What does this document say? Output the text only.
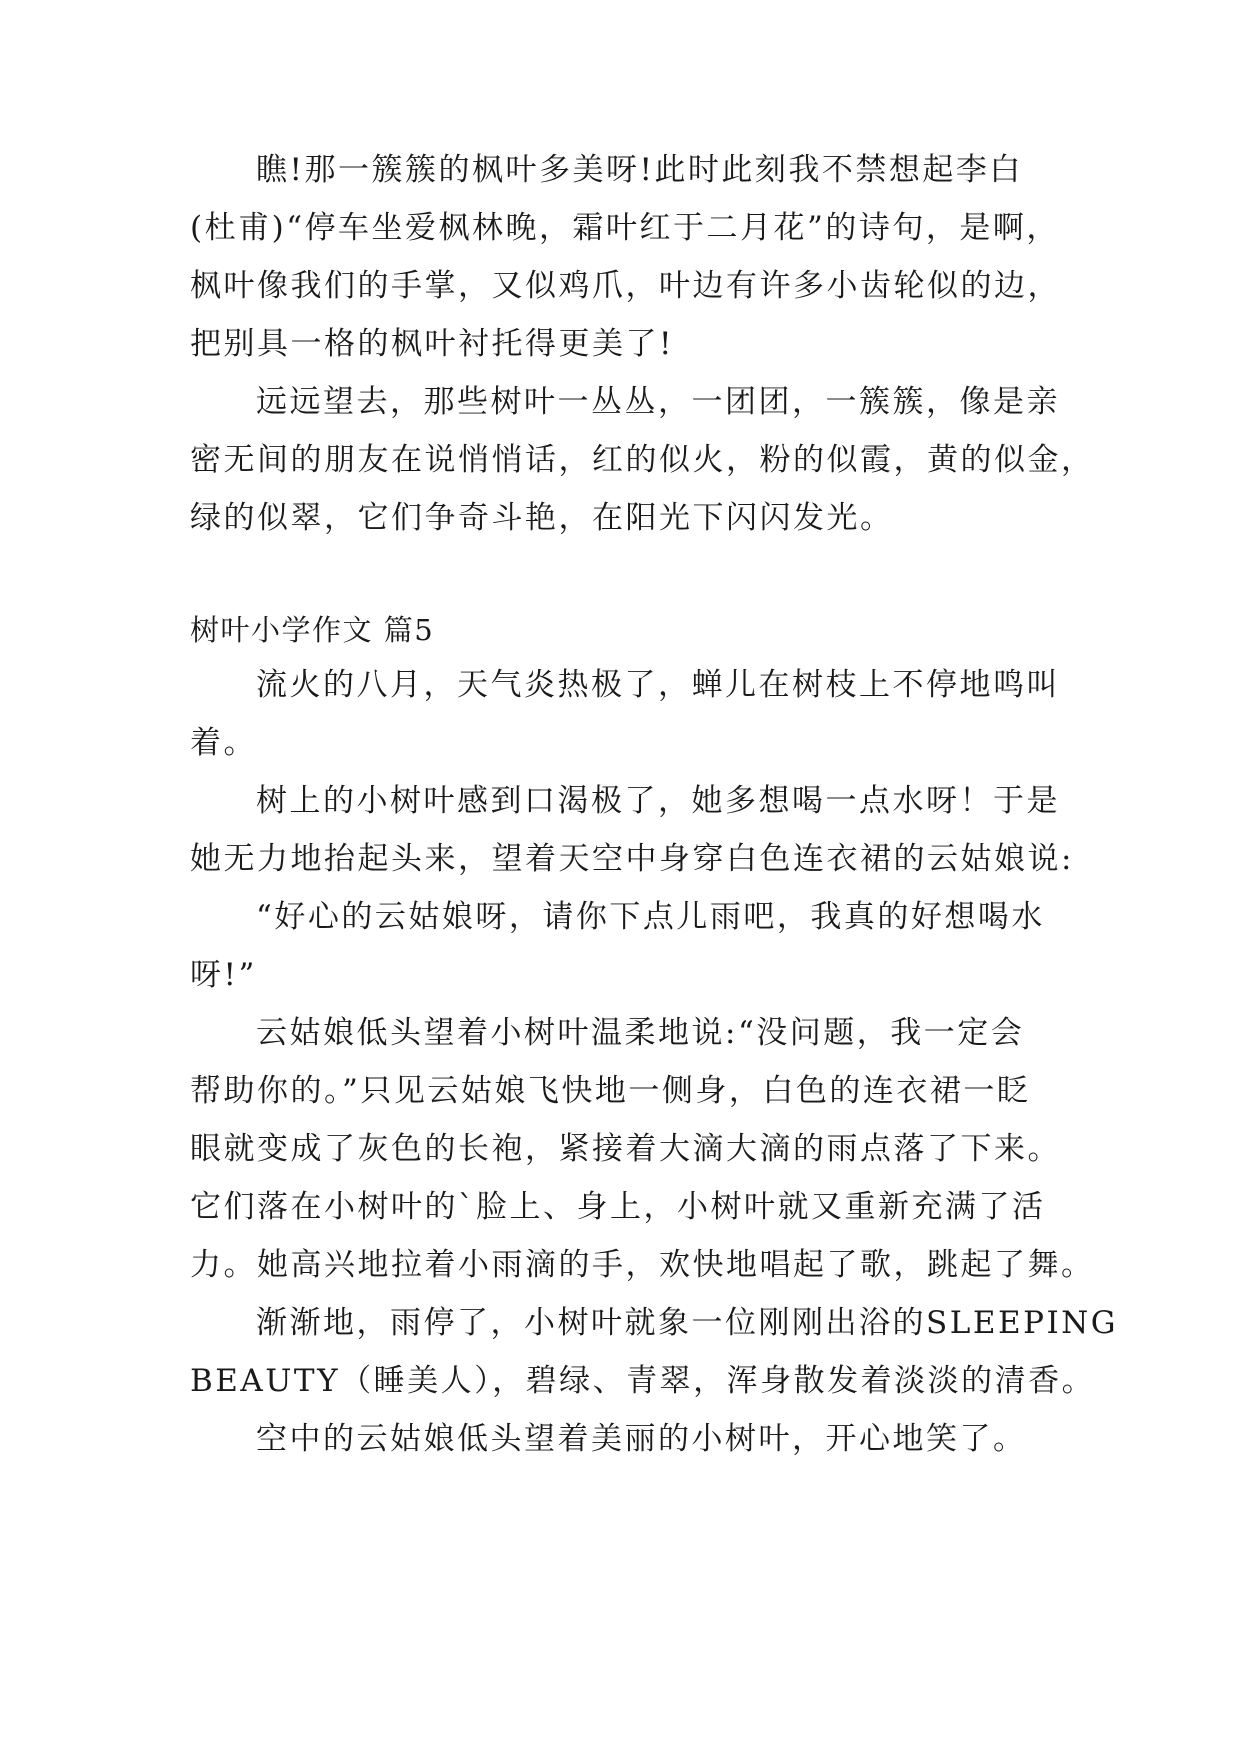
瞧!那一簇簇的枫叶多美呀!此时此刻我不禁想起李白
(杜甫)“停车坐爱枫林晚，霜叶红于二月花”的诗句，是啊，
枫叶像我们的手掌，又似鸡爪，叶边有许多小齿轮似的边，
把别具一格的枫叶衬托得更美了!
远远望去，那些树叶一丛丛，一团团，一簇簇，像是亲
密无间的朋友在说悄悄话，红的似火，粉的似霞，黄的似金，
绿的似翠，它们争奇斗艳，在阳光下闪闪发光。
树叶小学作文 篇5
流火的八月，天气炎热极了，蝉儿在树枝上不停地鸣叫
着。
树上的小树叶感到口渴极了，她多想喝一点水呀！于是
她无力地抬起头来，望着天空中身穿白色连衣裙的云姑娘说:
“好心的云姑娘呀，请你下点儿雨吧，我真的好想喝水
呀!”
云姑娘低头望着小树叶温柔地说:“没问题，我一定会
帮助你的。”只见云姑娘飞快地一侧身，白色的连衣裙一眨
眼就变成了灰色的长袍，紧接着大滴大滴的雨点落了下来。
它们落在小树叶的`脸上、身上，小树叶就又重新充满了活
力。她高兴地拉着小雨滴的手，欢快地唱起了歌，跳起了舞。
渐渐地，雨停了，小树叶就象一位刚刚出浴的SLEEPING
BEAUTY（睡美人），碧绿、青翠，浑身散发着淡淡的清香。
空中的云姑娘低头望着美丽的小树叶，开心地笑了。
